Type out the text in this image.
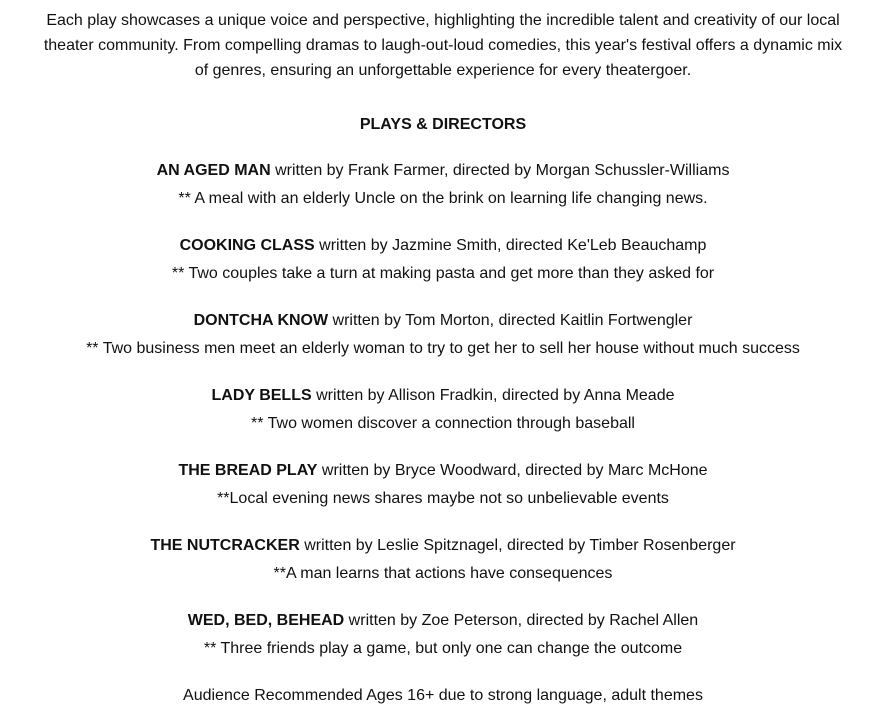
Each play showcases a unique voice and perspective, highlighting the incredible talent and creativity of our local
theater community. From compelling dramas to laugh-out-loud comedies, this year's festival offers a dynamic mix
of genres, ensuring an unforgettable experience for every theatergoer.

PLAYS & DIRECTORS

AN AGED MAN written by Frank Farmer, directed by Morgan Schussler-Williams
** A meal with an elderly Uncle on the brink on learning life changing news.
COOKING CLASS written by Jazmine Smith, directed Ke'Leb Beauchamp
** Two couples take a turn at making pasta and get more than they asked for
DONTCHA KNOW written by Tom Morton, directed Kaitlin Fortwengler
** Two business men meet an elderly woman to try to get her to sell her house without much success
LADY BELLS written by Allison Fradkin, directed by Anna Meade
** Two women discover a connection through baseball
THE BREAD PLAY written by Bryce Woodward, directed by Marc McHone
**Local evening news shares maybe not so unbelievable events
THE NUTCRACKER written by Leslie Spitznagel, directed by Timber Rosenberger
**A man learns that actions have consequences
WED, BED, BEHEAD written by Zoe Peterson, directed by Rachel Allen
** Three friends play a game, but only one can change the outcome

Audience Recommended Ages 16+ due to strong language, adult themes
